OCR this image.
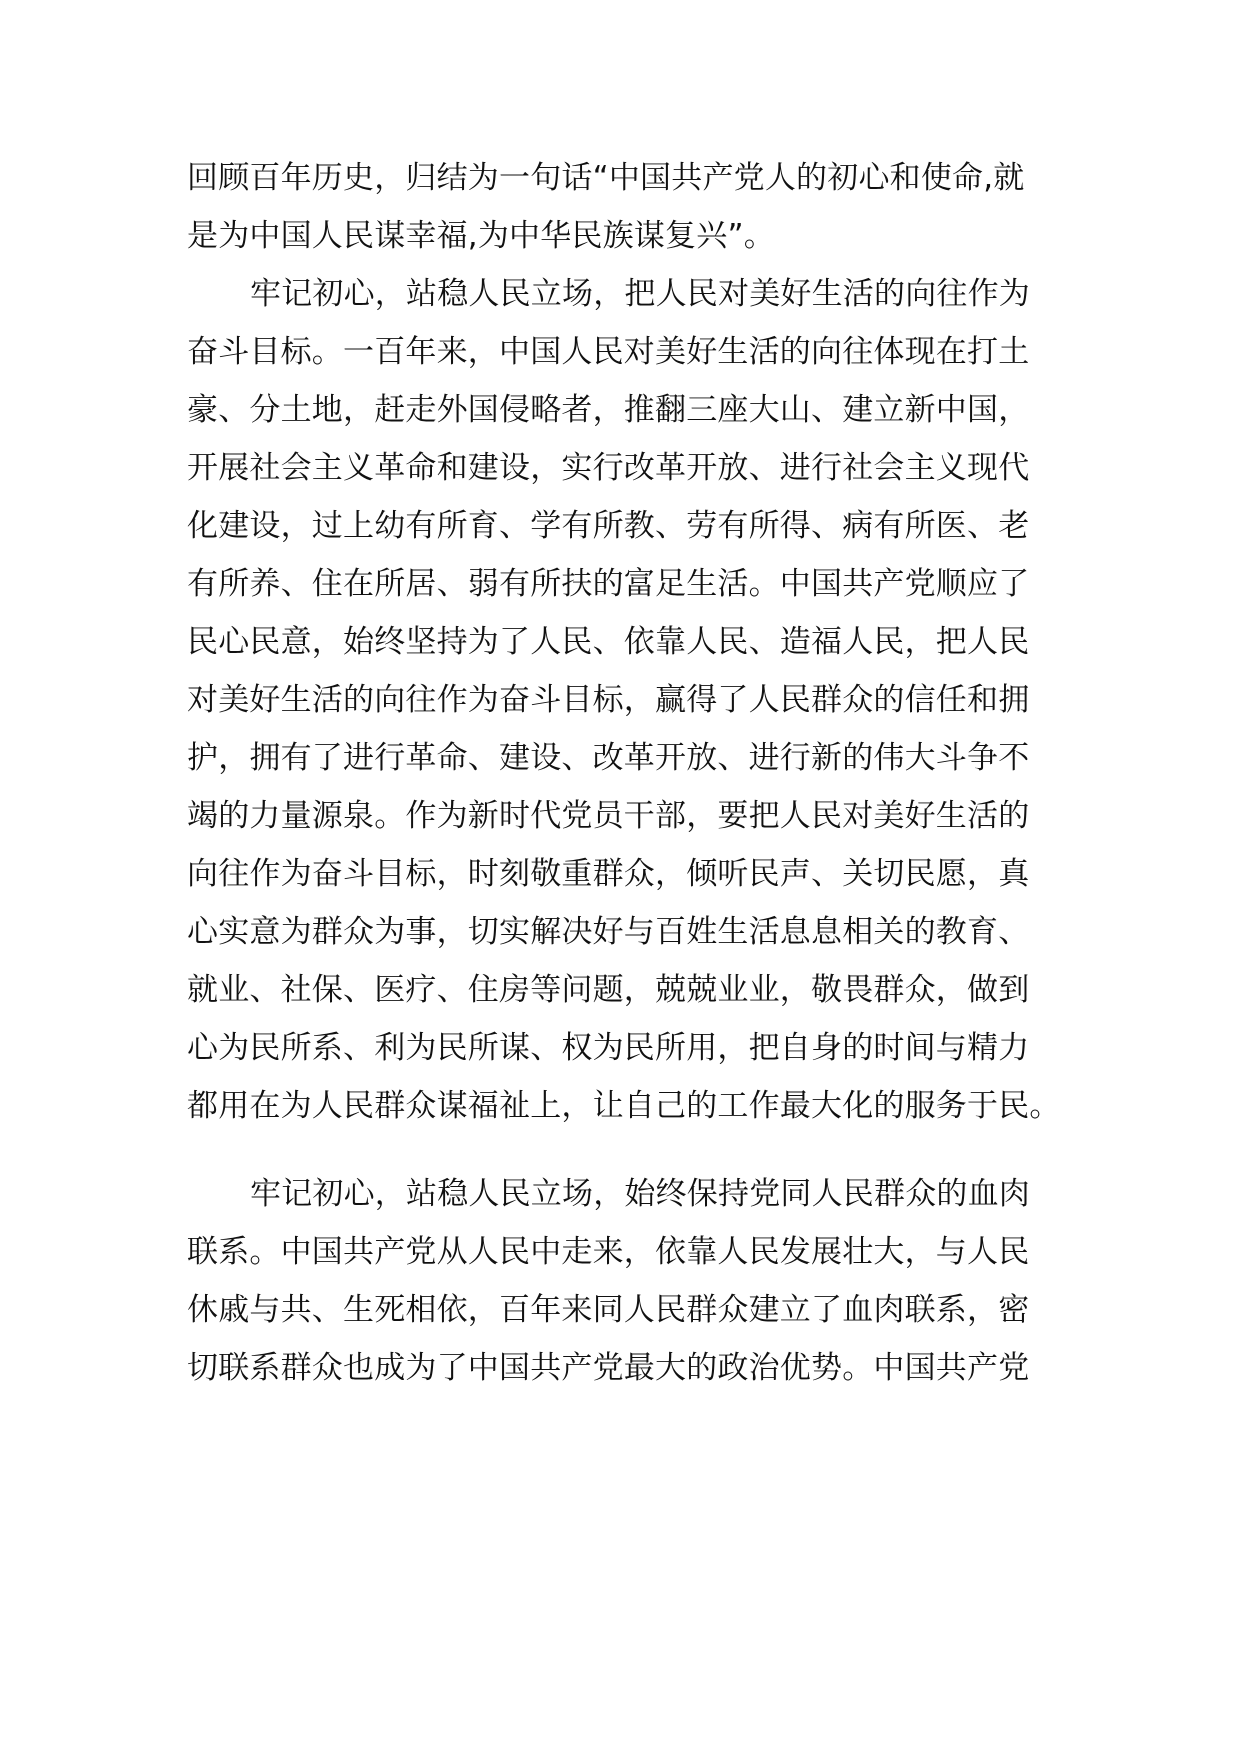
回顾百年历史，归结为一句话“中国共产党人的初心和使命,就
是为中国人民谋幸福,为中华民族谋复兴”。
牢记初心，站稳人民立场，把人民对美好生活的向往作为
奋斗目标。一百年来，中国人民对美好生活的向往体现在打土
豪、分土地，赶走外国侵略者，推翻三座大山、建立新中国，
开展社会主义革命和建设，实行改革开放、进行社会主义现代
化建设，过上幼有所育、学有所教、劳有所得、病有所医、老
有所养、住在所居、弱有所扶的富足生活。中国共产党顺应了
民心民意，始终坚持为了人民、依靠人民、造福人民，把人民
对美好生活的向往作为奋斗目标，赢得了人民群众的信任和拥
护，拥有了进行革命、建设、改革开放、进行新的伟大斗争不
竭的力量源泉。作为新时代党员干部，要把人民对美好生活的
向往作为奋斗目标，时刻敬重群众，倾听民声、关切民愿，真
心实意为群众为事，切实解决好与百姓生活息息相关的教育、
就业、社保、医疗、住房等问题，兢兢业业，敬畏群众，做到
心为民所系、利为民所谋、权为民所用，把自身的时间与精力
都用在为人民群众谋福祉上，让自己的工作最大化的服务于民。
牢记初心，站稳人民立场，始终保持党同人民群众的血肉
联系。中国共产党从人民中走来，依靠人民发展壮大，与人民
休戚与共、生死相依，百年来同人民群众建立了血肉联系，密
切联系群众也成为了中国共产党最大的政治优势。中国共产党
